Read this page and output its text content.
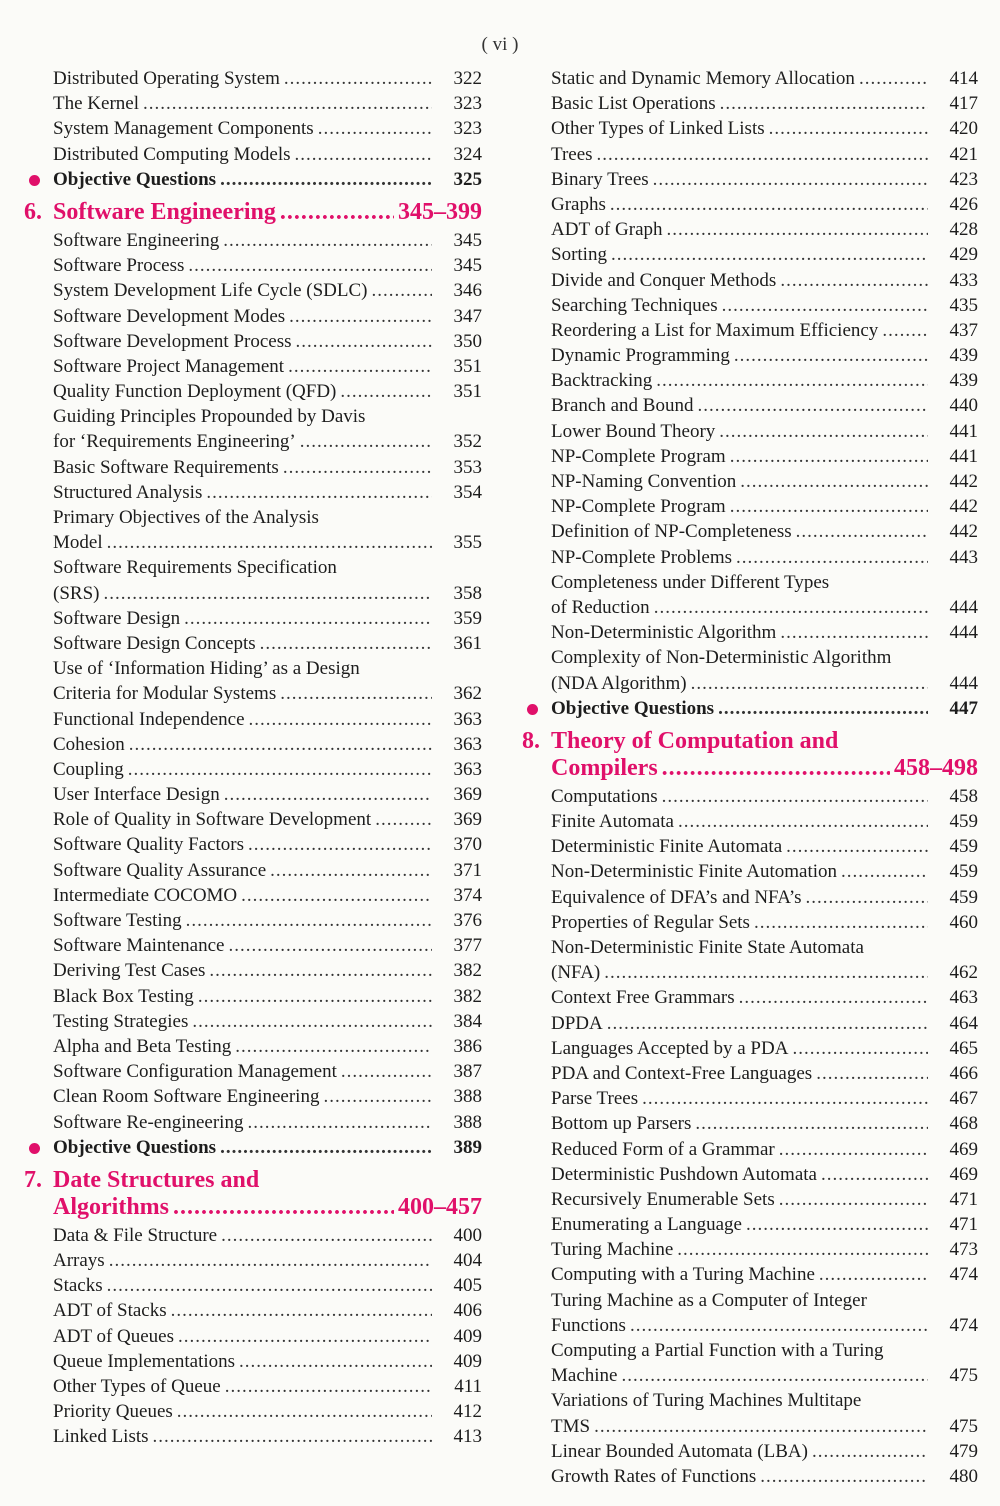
( vi )
Distributed Operating System .....	322
The Kernel .....	323
System Management Components .....	323
Distributed Computing Models .....	324
Objective Questions .....	325
6. Software Engineering .....	345–399
Software Engineering .....	345
Software Process .....	345
System Development Life Cycle (SDLC) .....	346
Software Development Modes .....	347
Software Development Process .....	350
Software Project Management .....	351
Quality Function Deployment (QFD) .....	351
Guiding Principles Propounded by Davis
for ‘Requirements Engineering’ .....	352
Basic Software Requirements .....	353
Structured Analysis .....	354
Primary Objectives of the Analysis
Model .....	355
Software Requirements Specification
(SRS) .....	358
Software Design .....	359
Software Design Concepts .....	361
Use of ‘Information Hiding’ as a Design
Criteria for Modular Systems .....	362
Functional Independence .....	363
Cohesion .....	363
Coupling .....	363
User Interface Design .....	369
Role of Quality in Software Development .....	369
Software Quality Factors .....	370
Software Quality Assurance .....	371
Intermediate COCOMO .....	374
Software Testing .....	376
Software Maintenance .....	377
Deriving Test Cases .....	382
Black Box Testing .....	382
Testing Strategies .....	384
Alpha and Beta Testing .....	386
Software Configuration Management .....	387
Clean Room Software Engineering .....	388
Software Re-engineering .....	388
Objective Questions .....	389
7. Date Structures and
Algorithms .....	400–457
Data & File Structure .....	400
Arrays .....	404
Stacks .....	405
ADT of Stacks .....	406
ADT of Queues .....	409
Queue Implementations .....	409
Other Types of Queue .....	411
Priority Queues .....	412
Linked Lists .....	413
Static and Dynamic Memory Allocation .....	414
Basic List Operations .....	417
Other Types of Linked Lists .....	420
Trees .....	421
Binary Trees .....	423
Graphs .....	426
ADT of Graph .....	428
Sorting .....	429
Divide and Conquer Methods .....	433
Searching Techniques .....	435
Reordering a List for Maximum Efficiency .....	437
Dynamic Programming .....	439
Backtracking .....	439
Branch and Bound .....	440
Lower Bound Theory .....	441
NP-Complete Program .....	441
NP-Naming Convention .....	442
NP-Complete Program .....	442
Definition of NP-Completeness .....	442
NP-Complete Problems .....	443
Completeness under Different Types
of Reduction .....	444
Non-Deterministic Algorithm .....	444
Complexity of Non-Deterministic Algorithm
(NDA Algorithm) .....	444
Objective Questions .....	447
8. Theory of Computation and
Compilers .....	458–498
Computations .....	458
Finite Automata .....	459
Deterministic Finite Automata .....	459
Non-Deterministic Finite Automation .....	459
Equivalence of DFA’s and NFA’s .....	459
Properties of Regular Sets .....	460
Non-Deterministic Finite State Automata
(NFA) .....	462
Context Free Grammars .....	463
DPDA .....	464
Languages Accepted by a PDA .....	465
PDA and Context-Free Languages .....	466
Parse Trees .....	467
Bottom up Parsers .....	468
Reduced Form of a Grammar .....	469
Deterministic Pushdown Automata .....	469
Recursively Enumerable Sets .....	471
Enumerating a Language .....	471
Turing Machine .....	473
Computing with a Turing Machine .....	474
Turing Machine as a Computer of Integer
Functions .....	474
Computing a Partial Function with a Turing
Machine .....	475
Variations of Turing Machines Multitape
TMS .....	475
Linear Bounded Automata (LBA) .....	479
Growth Rates of Functions .....	480
